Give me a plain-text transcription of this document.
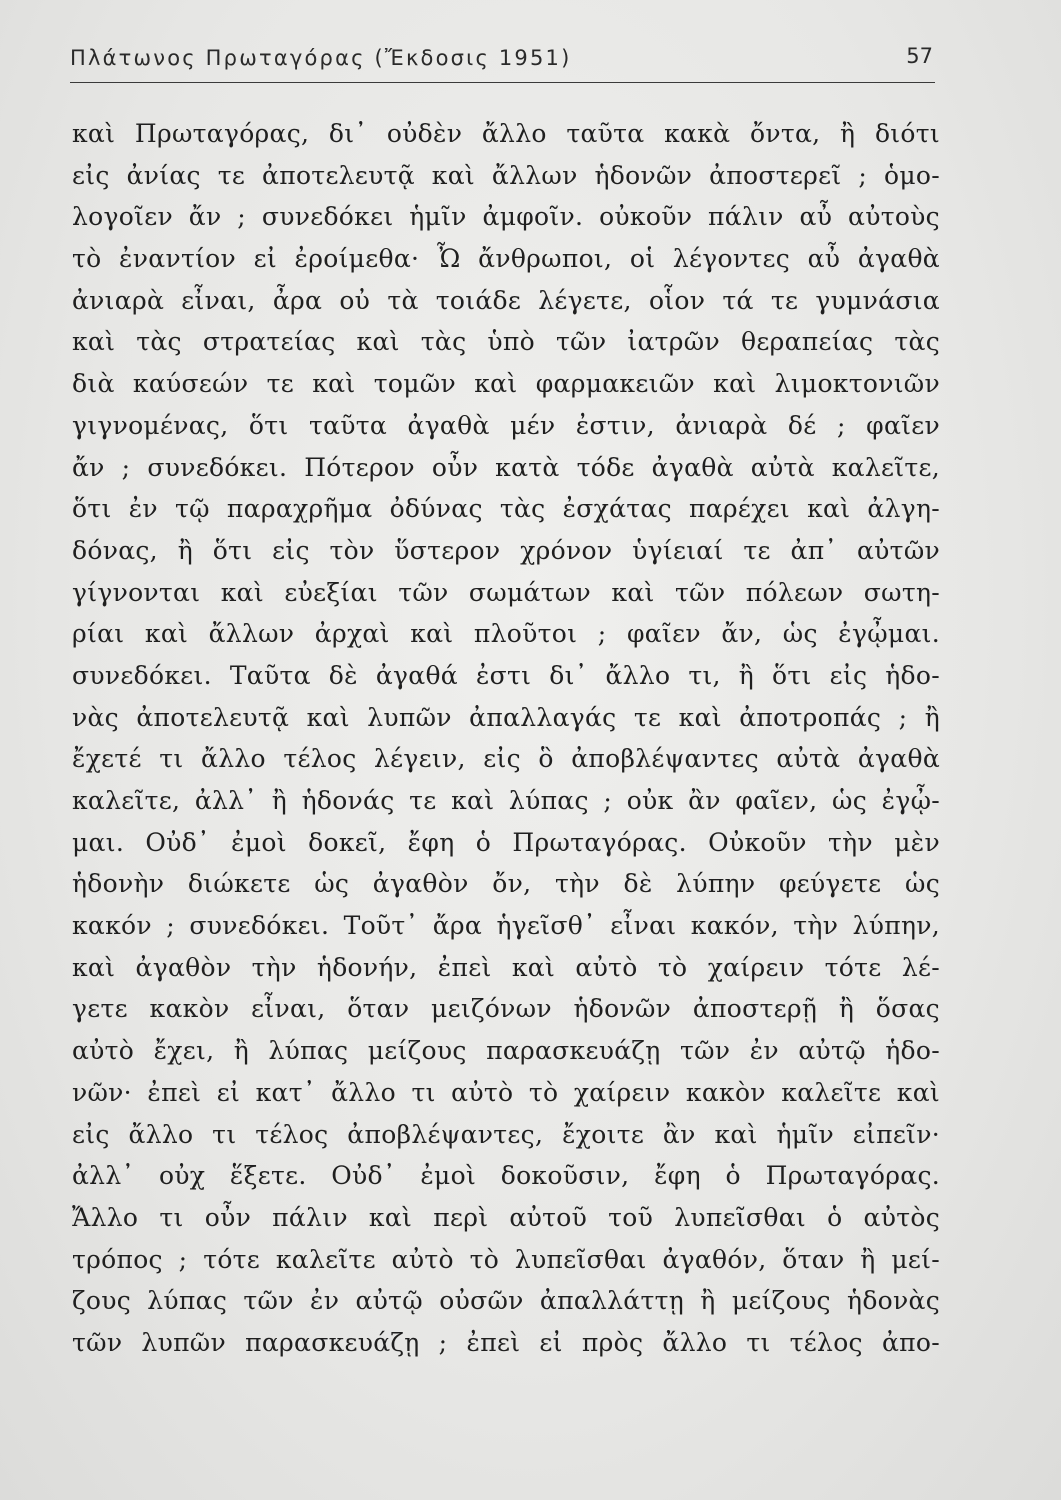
Πλάτωνος Πρωταγόρας (Ἔκδοσις 1951)	57
καὶ Πρωταγόρας, δι᾽ οὐδὲν ἄλλο ταῦτα κακὰ ὄντα, ἢ διότι
εἰς ἀνίας τε ἀποτελευτᾷ καὶ ἄλλων ἡδονῶν ἀποστερεῖ ; ὁμο-
λογοῖεν ἄν ; συνεδόκει ἡμῖν ἀμφοῖν. οὐκοῦν πάλιν αὖ αὐτοὺς
τὸ ἐναντίον εἰ ἐροίμεθα· Ὦ ἄνθρωποι, οἱ λέγοντες αὖ ἀγαθὰ
ἀνιαρὰ εἶναι, ἆρα οὐ τὰ τοιάδε λέγετε, οἷον τά τε γυμνάσια
καὶ τὰς στρατείας καὶ τὰς ὑπὸ τῶν ἰατρῶν θεραπείας τὰς
διὰ καύσεών τε καὶ τομῶν καὶ φαρμακειῶν καὶ λιμοκτονιῶν
γιγνομένας, ὅτι ταῦτα ἀγαθὰ μέν ἐστιν, ἀνιαρὰ δέ ; φαῖεν
ἄν ; συνεδόκει. Πότερον οὖν κατὰ τόδε ἀγαθὰ αὐτὰ καλεῖτε,
ὅτι ἐν τῷ παραχρῆμα ὀδύνας τὰς ἐσχάτας παρέχει καὶ ἀλγη-
δόνας, ἢ ὅτι εἰς τὸν ὕστερον χρόνον ὑγίειαί τε ἀπ᾽ αὐτῶν
γίγνονται καὶ εὐεξίαι τῶν σωμάτων καὶ τῶν πόλεων σωτη-
ρίαι καὶ ἄλλων ἀρχαὶ καὶ πλοῦτοι ; φαῖεν ἄν, ὡς ἐγᾦμαι.
συνεδόκει. Ταῦτα δὲ ἀγαθά ἐστι δι᾽ ἄλλο τι, ἢ ὅτι εἰς ἡδο-
νὰς ἀποτελευτᾷ καὶ λυπῶν ἀπαλλαγάς τε καὶ ἀποτροπάς ; ἢ
ἔχετέ τι ἄλλο τέλος λέγειν, εἰς ὃ ἀποβλέψαντες αὐτὰ ἀγαθὰ
καλεῖτε, ἀλλ᾽ ἢ ἡδονάς τε καὶ λύπας ; οὐκ ἂν φαῖεν, ὡς ἐγᾦ-
μαι. Οὐδ᾽ ἐμοὶ δοκεῖ, ἔφη ὁ Πρωταγόρας. Οὐκοῦν τὴν μὲν
ἡδονὴν διώκετε ὡς ἀγαθὸν ὄν, τὴν δὲ λύπην φεύγετε ὡς
κακόν ; συνεδόκει. Τοῦτ᾽ ἄρα ἡγεῖσθ᾽ εἶναι κακόν, τὴν λύπην,
καὶ ἀγαθὸν τὴν ἡδονήν, ἐπεὶ καὶ αὐτὸ τὸ χαίρειν τότε λέ-
γετε κακὸν εἶναι, ὅταν μειζόνων ἡδονῶν ἀποστερῇ ἢ ὅσας
αὐτὸ ἔχει, ἢ λύπας μείζους παρασκευάζῃ τῶν ἐν αὐτῷ ἡδο-
νῶν· ἐπεὶ εἰ κατ᾽ ἄλλο τι αὐτὸ τὸ χαίρειν κακὸν καλεῖτε καὶ
εἰς ἄλλο τι τέλος ἀποβλέψαντες, ἔχοιτε ἂν καὶ ἡμῖν εἰπεῖν·
ἀλλ᾽ οὐχ ἕξετε. Οὐδ᾽ ἐμοὶ δοκοῦσιν, ἔφη ὁ Πρωταγόρας.
Ἄλλο τι οὖν πάλιν καὶ περὶ αὐτοῦ τοῦ λυπεῖσθαι ὁ αὐτὸς
τρόπος ; τότε καλεῖτε αὐτὸ τὸ λυπεῖσθαι ἀγαθόν, ὅταν ἢ μεί-
ζους λύπας τῶν ἐν αὐτῷ οὐσῶν ἀπαλλάττῃ ἢ μείζους ἡδονὰς
τῶν λυπῶν παρασκευάζῃ ; ἐπεὶ εἰ πρὸς ἄλλο τι τέλος ἀπο-
